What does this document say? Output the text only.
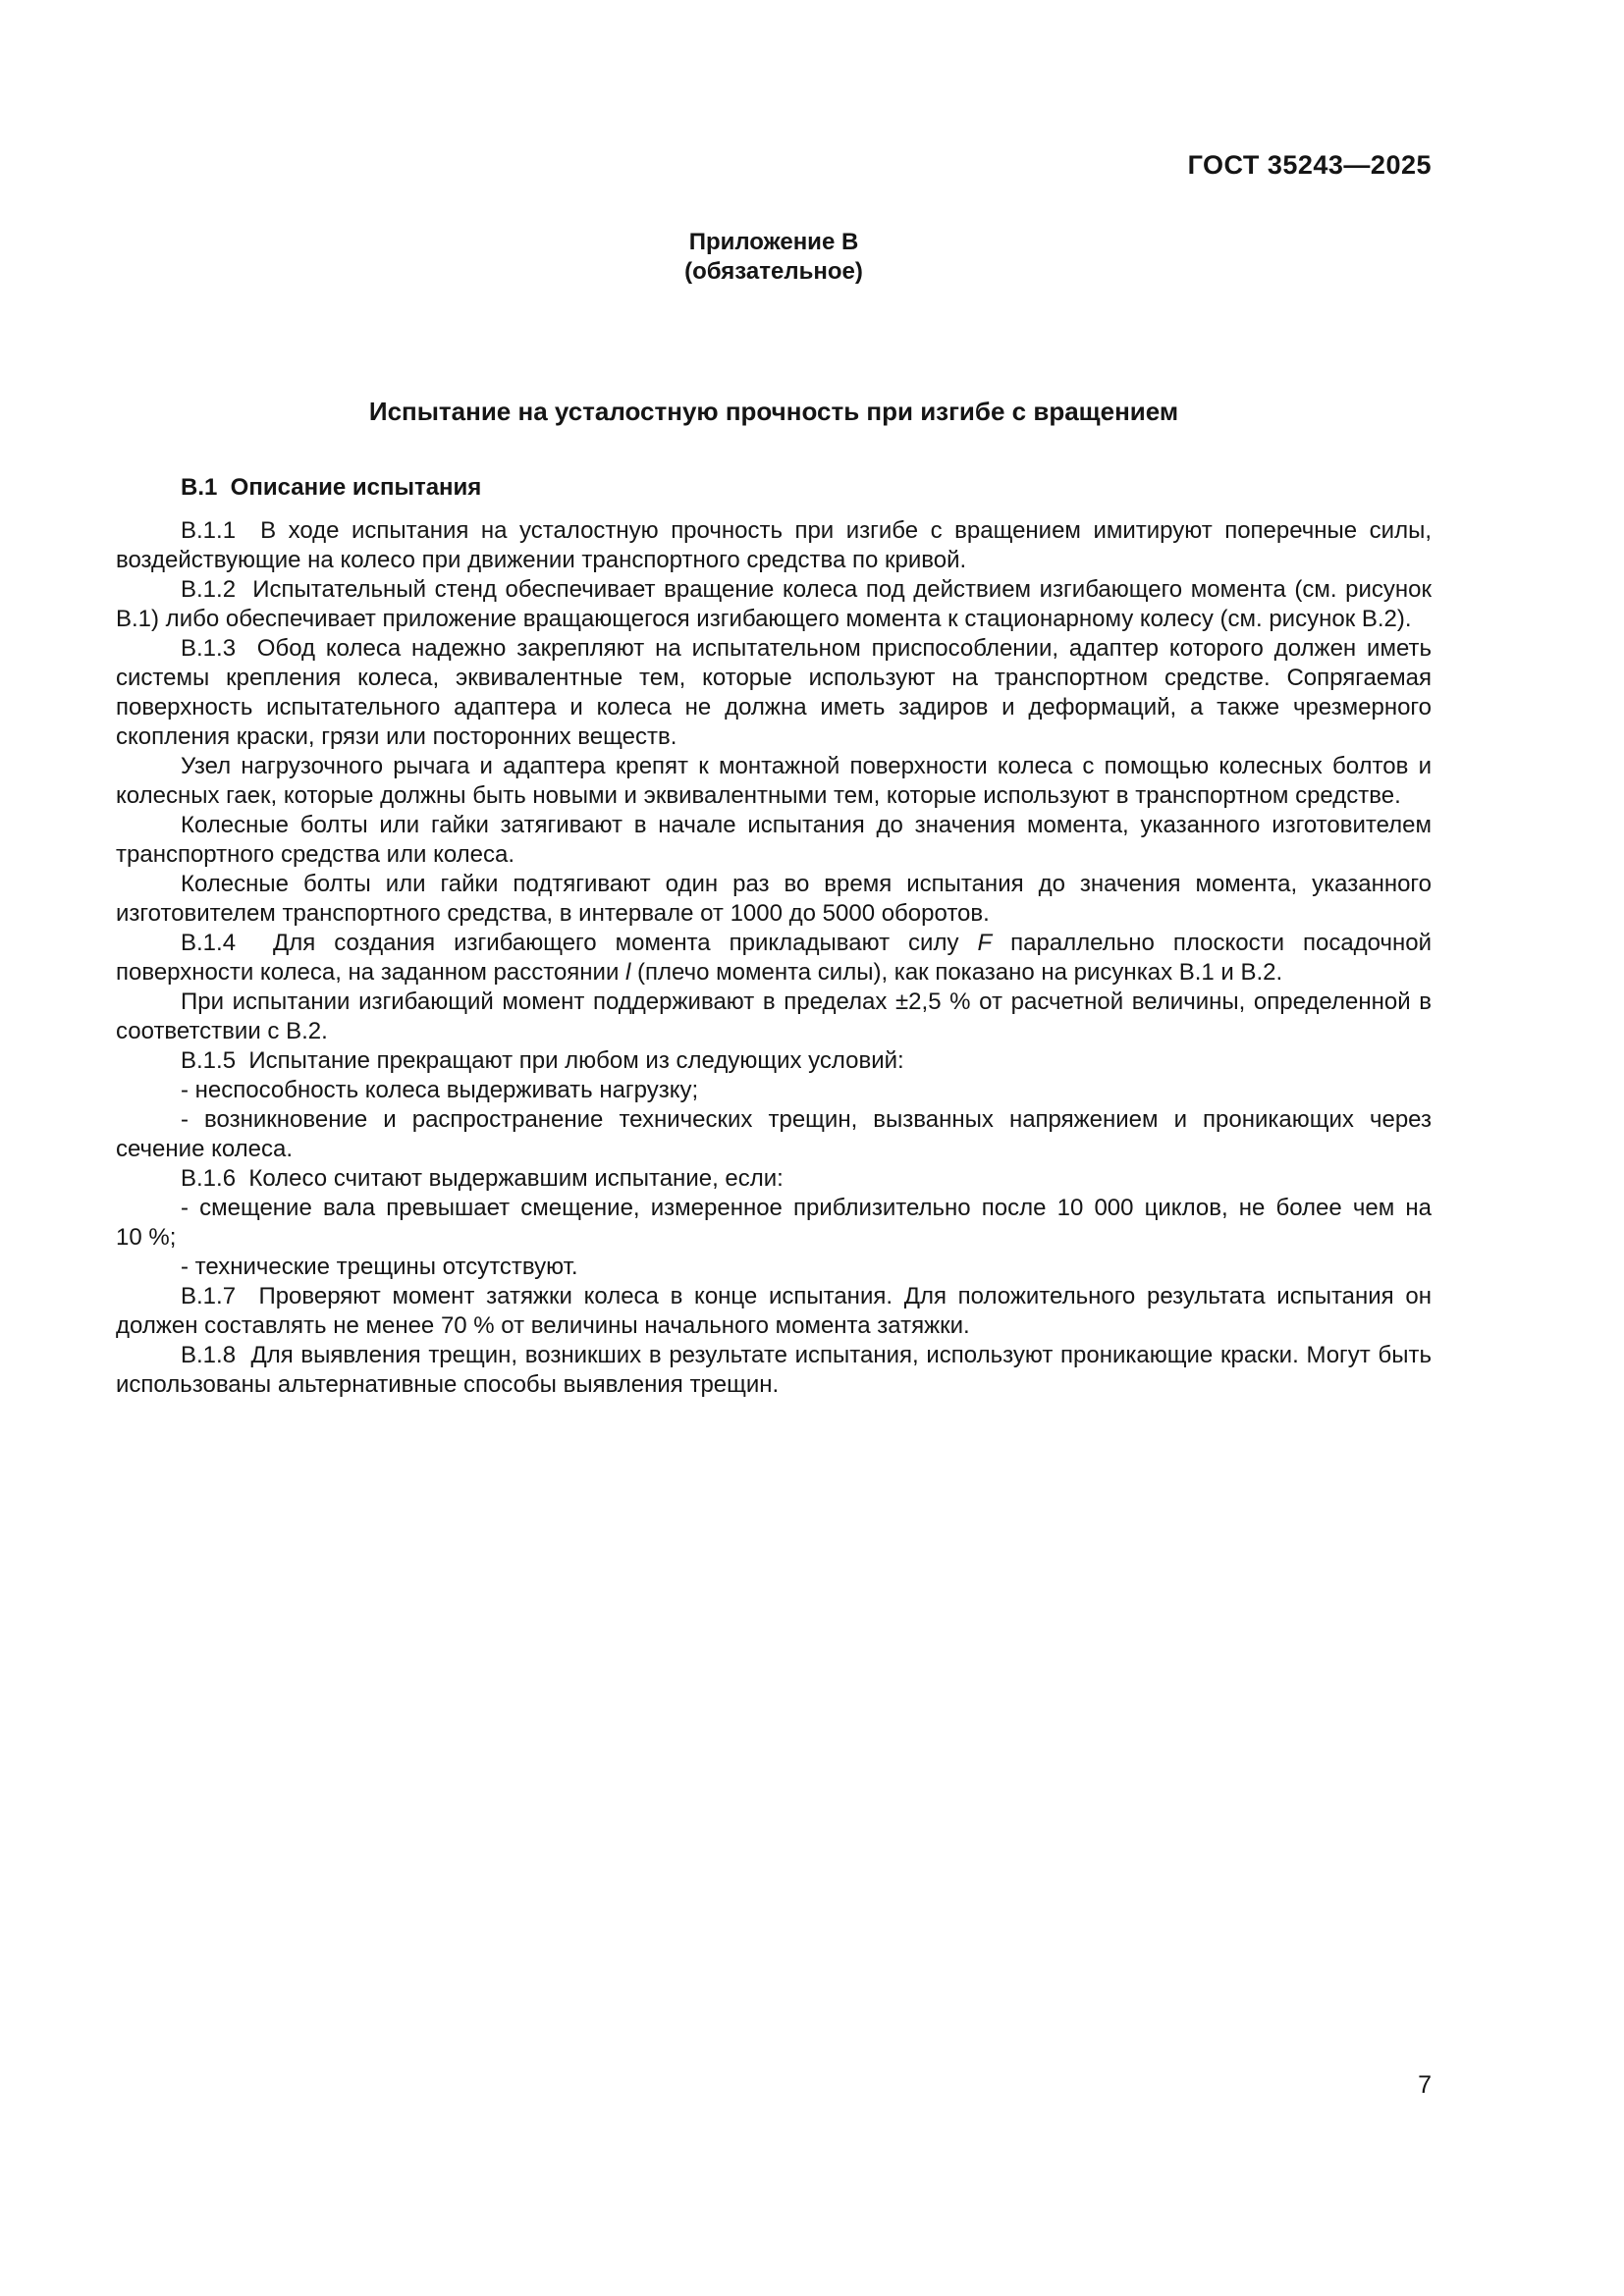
ГОСТ 35243—2025
Приложение В
(обязательное)
Испытание на усталостную прочность при изгибе с вращением
В.1  Описание испытания

В.1.1  В ходе испытания на усталостную прочность при изгибе с вращением имитируют поперечные силы, воздействующие на колесо при движении транспортного средства по кривой.

В.1.2  Испытательный стенд обеспечивает вращение колеса под действием изгибающего момента (см. рисунок В.1) либо обеспечивает приложение вращающегося изгибающего момента к стационарному колесу (см. рисунок В.2).

В.1.3  Обод колеса надежно закрепляют на испытательном приспособлении, адаптер которого должен иметь системы крепления колеса, эквивалентные тем, которые используют на транспортном средстве. Сопрягаемая поверхность испытательного адаптера и колеса не должна иметь задиров и деформаций, а также чрезмерного скопления краски, грязи или посторонних веществ.

Узел нагрузочного рычага и адаптера крепят к монтажной поверхности колеса с помощью колесных болтов и колесных гаек, которые должны быть новыми и эквивалентными тем, которые используют в транспортном средстве.

Колесные болты или гайки затягивают в начале испытания до значения момента, указанного изготовителем транспортного средства или колеса.

Колесные болты или гайки подтягивают один раз во время испытания до значения момента, указанного изготовителем транспортного средства, в интервале от 1000 до 5000 оборотов.

В.1.4  Для создания изгибающего момента прикладывают силу F параллельно плоскости посадочной поверхности колеса, на заданном расстоянии l (плечо момента силы), как показано на рисунках В.1 и В.2.

При испытании изгибающий момент поддерживают в пределах ±2,5 % от расчетной величины, определенной в соответствии с В.2.

В.1.5  Испытание прекращают при любом из следующих условий:

- неспособность колеса выдерживать нагрузку;

- возникновение и распространение технических трещин, вызванных напряжением и проникающих через сечение колеса.

В.1.6  Колесо считают выдержавшим испытание, если:

- смещение вала превышает смещение, измеренное приблизительно после 10 000 циклов, не более чем на 10 %;

- технические трещины отсутствуют.

В.1.7  Проверяют момент затяжки колеса в конце испытания. Для положительного результата испытания он должен составлять не менее 70 % от величины начального момента затяжки.

В.1.8  Для выявления трещин, возникших в результате испытания, используют проникающие краски. Могут быть использованы альтернативные способы выявления трещин.

7
